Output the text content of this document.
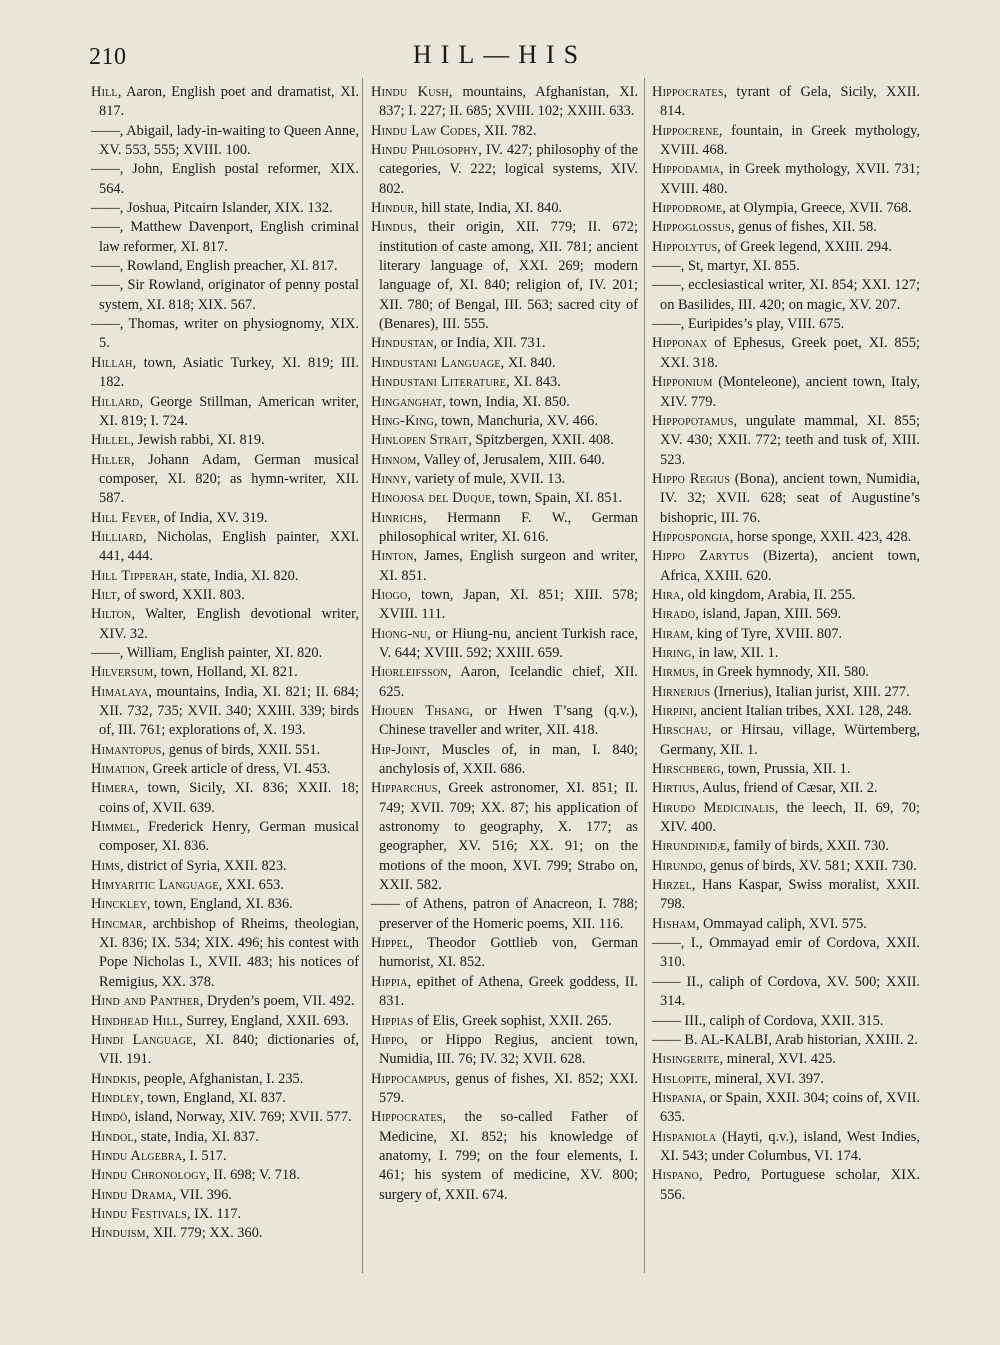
210	HIL—HIS

Hill, Aaron, English poet and dramatist, XI. 817.

——, Abigail, lady-in-waiting to Queen Anne, XV. 553, 555; XVIII. 100.

——, John, English postal reformer, XIX. 564.

——, Joshua, Pitcairn Islander, XIX. 132.

——, Matthew Davenport, English criminal law reformer, XI. 817.

——, Rowland, English preacher, XI. 817.

——, Sir Rowland, originator of penny postal system, XI. 818; XIX. 567.

——, Thomas, writer on physiognomy, XIX. 5.

Hillah, town, Asiatic Turkey, XI. 819; III. 182.

Hillard, George Stillman, American writer, XI. 819; I. 724.

Hillel, Jewish rabbi, XI. 819.

Hiller, Johann Adam, German musical composer, XI. 820; as hymn-writer, XII. 587.

Hill Fever, of India, XV. 319.

Hilliard, Nicholas, English painter, XXI. 441, 444.

Hill Tipperah, state, India, XI. 820.

Hilt, of sword, XXII. 803.

Hilton, Walter, English devotional writer, XIV. 32.

——, William, English painter, XI. 820.

Hilversum, town, Holland, XI. 821.

Himalaya, mountains, India, XI. 821; II. 684; XII. 732, 735; XVII. 340; XXIII. 339; birds of, III. 761; explorations of, X. 193.

Himantopus, genus of birds, XXII. 551.

Himation, Greek article of dress, VI. 453.

Himera, town, Sicily, XI. 836; XXII. 18; coins of, XVII. 639.

Himmel, Frederick Henry, German musical composer, XI. 836.

Hims, district of Syria, XXII. 823.

Himyaritic Language, XXI. 653.

Hinckley, town, England, XI. 836.

Hincmar, archbishop of Rheims, theologian, XI. 836; IX. 534; XIX. 496; his contest with Pope Nicholas I., XVII. 483; his notices of Remigius, XX. 378.

Hind and Panther, Dryden’s poem, VII. 492.

Hindhead Hill, Surrey, England, XXII. 693.

Hindi Language, XI. 840; dictionaries of, VII. 191.

Hindkis, people, Afghanistan, I. 235.

Hindley, town, England, XI. 837.

Hindö, island, Norway, XIV. 769; XVII. 577.

Hindol, state, India, XI. 837.

Hindu Algebra, I. 517.

Hindu Chronology, II. 698; V. 718.

Hindu Drama, VII. 396.

Hindu Festivals, IX. 117.

Hinduism, XII. 779; XX. 360.

Hindu Kush, mountains, Afghanistan, XI. 837; I. 227; II. 685; XVIII. 102; XXIII. 633.

Hindu Law Codes, XII. 782.

Hindu Philosophy, IV. 427; philosophy of the categories, V. 222; logical systems, XIV. 802.

Hindur, hill state, India, XI. 840.

Hindus, their origin, XII. 779; II. 672; institution of caste among, XII. 781; ancient literary language of, XXI. 269; modern language of, XI. 840; religion of, IV. 201; XII. 780; of Bengal, III. 563; sacred city of (Benares), III. 555.

Hindustan, or India, XII. 731.

Hindustani Language, XI. 840.

Hindustani Literature, XI. 843.

Hinganghat, town, India, XI. 850.

Hing-King, town, Manchuria, XV. 466.

Hinlopen Strait, Spitzbergen, XXII. 408.

Hinnom, Valley of, Jerusalem, XIII. 640.

Hinny, variety of mule, XVII. 13.

Hinojosa del Duque, town, Spain, XI. 851.

Hinrichs, Hermann F. W., German philosophical writer, XI. 616.

Hinton, James, English surgeon and writer, XI. 851.

Hiogo, town, Japan, XI. 851; XIII. 578; XVIII. 111.

Hiong-nu, or Hiung-nu, ancient Turkish race, V. 644; XVIII. 592; XXIII. 659.

Hiorleifsson, Aaron, Icelandic chief, XII. 625.

Hiouen Thsang, or Hwen T’sang (q.v.), Chinese traveller and writer, XII. 418.

Hip-Joint, Muscles of, in man, I. 840; anchylosis of, XXII. 686.

Hipparchus, Greek astronomer, XI. 851; II. 749; XVII. 709; XX. 87; his application of astronomy to geography, X. 177; as geographer, XV. 516; XX. 91; on the motions of the moon, XVI. 799; Strabo on, XXII. 582.

—— of Athens, patron of Anacreon, I. 788; preserver of the Homeric poems, XII. 116.

Hippel, Theodor Gottlieb von, German humorist, XI. 852.

Hippia, epithet of Athena, Greek goddess, II. 831.

Hippias of Elis, Greek sophist, XXII. 265.

Hippo, or Hippo Regius, ancient town, Numidia, III. 76; IV. 32; XVII. 628.

Hippocampus, genus of fishes, XI. 852; XXI. 579.

Hippocrates, the so-called Father of Medicine, XI. 852; his knowledge of anatomy, I. 799; on the four elements, I. 461; his system of medicine, XV. 800; surgery of, XXII. 674.

Hippocrates, tyrant of Gela, Sicily, XXII. 814.

Hippocrene, fountain, in Greek mythology, XVIII. 468.

Hippodamia, in Greek mythology, XVII. 731; XVIII. 480.

Hippodrome, at Olympia, Greece, XVII. 768.

Hippoglossus, genus of fishes, XII. 58.

Hippolytus, of Greek legend, XXIII. 294.

——, St, martyr, XI. 855.

——, ecclesiastical writer, XI. 854; XXI. 127; on Basilides, III. 420; on magic, XV. 207.

——, Euripides’s play, VIII. 675.

Hipponax of Ephesus, Greek poet, XI. 855; XXI. 318.

Hipponium (Monteleone), ancient town, Italy, XIV. 779.

Hippopotamus, ungulate mammal, XI. 855; XV. 430; XXII. 772; teeth and tusk of, XIII. 523.

Hippo Regius (Bona), ancient town, Numidia, IV. 32; XVII. 628; seat of Augustine’s bishopric, III. 76.

Hippospongia, horse sponge, XXII. 423, 428.

Hippo Zarytus (Bizerta), ancient town, Africa, XXIII. 620.

Hira, old kingdom, Arabia, II. 255.

Hirado, island, Japan, XIII. 569.

Hiram, king of Tyre, XVIII. 807.

Hiring, in law, XII. 1.

Hirmus, in Greek hymnody, XII. 580.

Hirnerius (Irnerius), Italian jurist, XIII. 277.

Hirpini, ancient Italian tribes, XXI. 128, 248.

Hirschau, or Hirsau, village, Würtemberg, Germany, XII. 1.

Hirschberg, town, Prussia, XII. 1.

Hirtius, Aulus, friend of Cæsar, XII. 2.

Hirudo Medicinalis, the leech, II. 69, 70; XIV. 400.

Hirundinidæ, family of birds, XXII. 730.

Hirundo, genus of birds, XV. 581; XXII. 730.

Hirzel, Hans Kaspar, Swiss moralist, XXII. 798.

Hisham, Ommayad caliph, XVI. 575.

——, I., Ommayad emir of Cordova, XXII. 310.

—— II., caliph of Cordova, XV. 500; XXII. 314.

—— III., caliph of Cordova, XXII. 315.

—— B. AL-KALBI, Arab historian, XXIII. 2.

Hisingerite, mineral, XVI. 425.

Hislopite, mineral, XVI. 397.

Hispania, or Spain, XXII. 304; coins of, XVII. 635.

Hispaniola (Hayti, q.v.), island, West Indies, XI. 543; under Columbus, VI. 174.

Hispano, Pedro, Portuguese scholar, XIX. 556.
